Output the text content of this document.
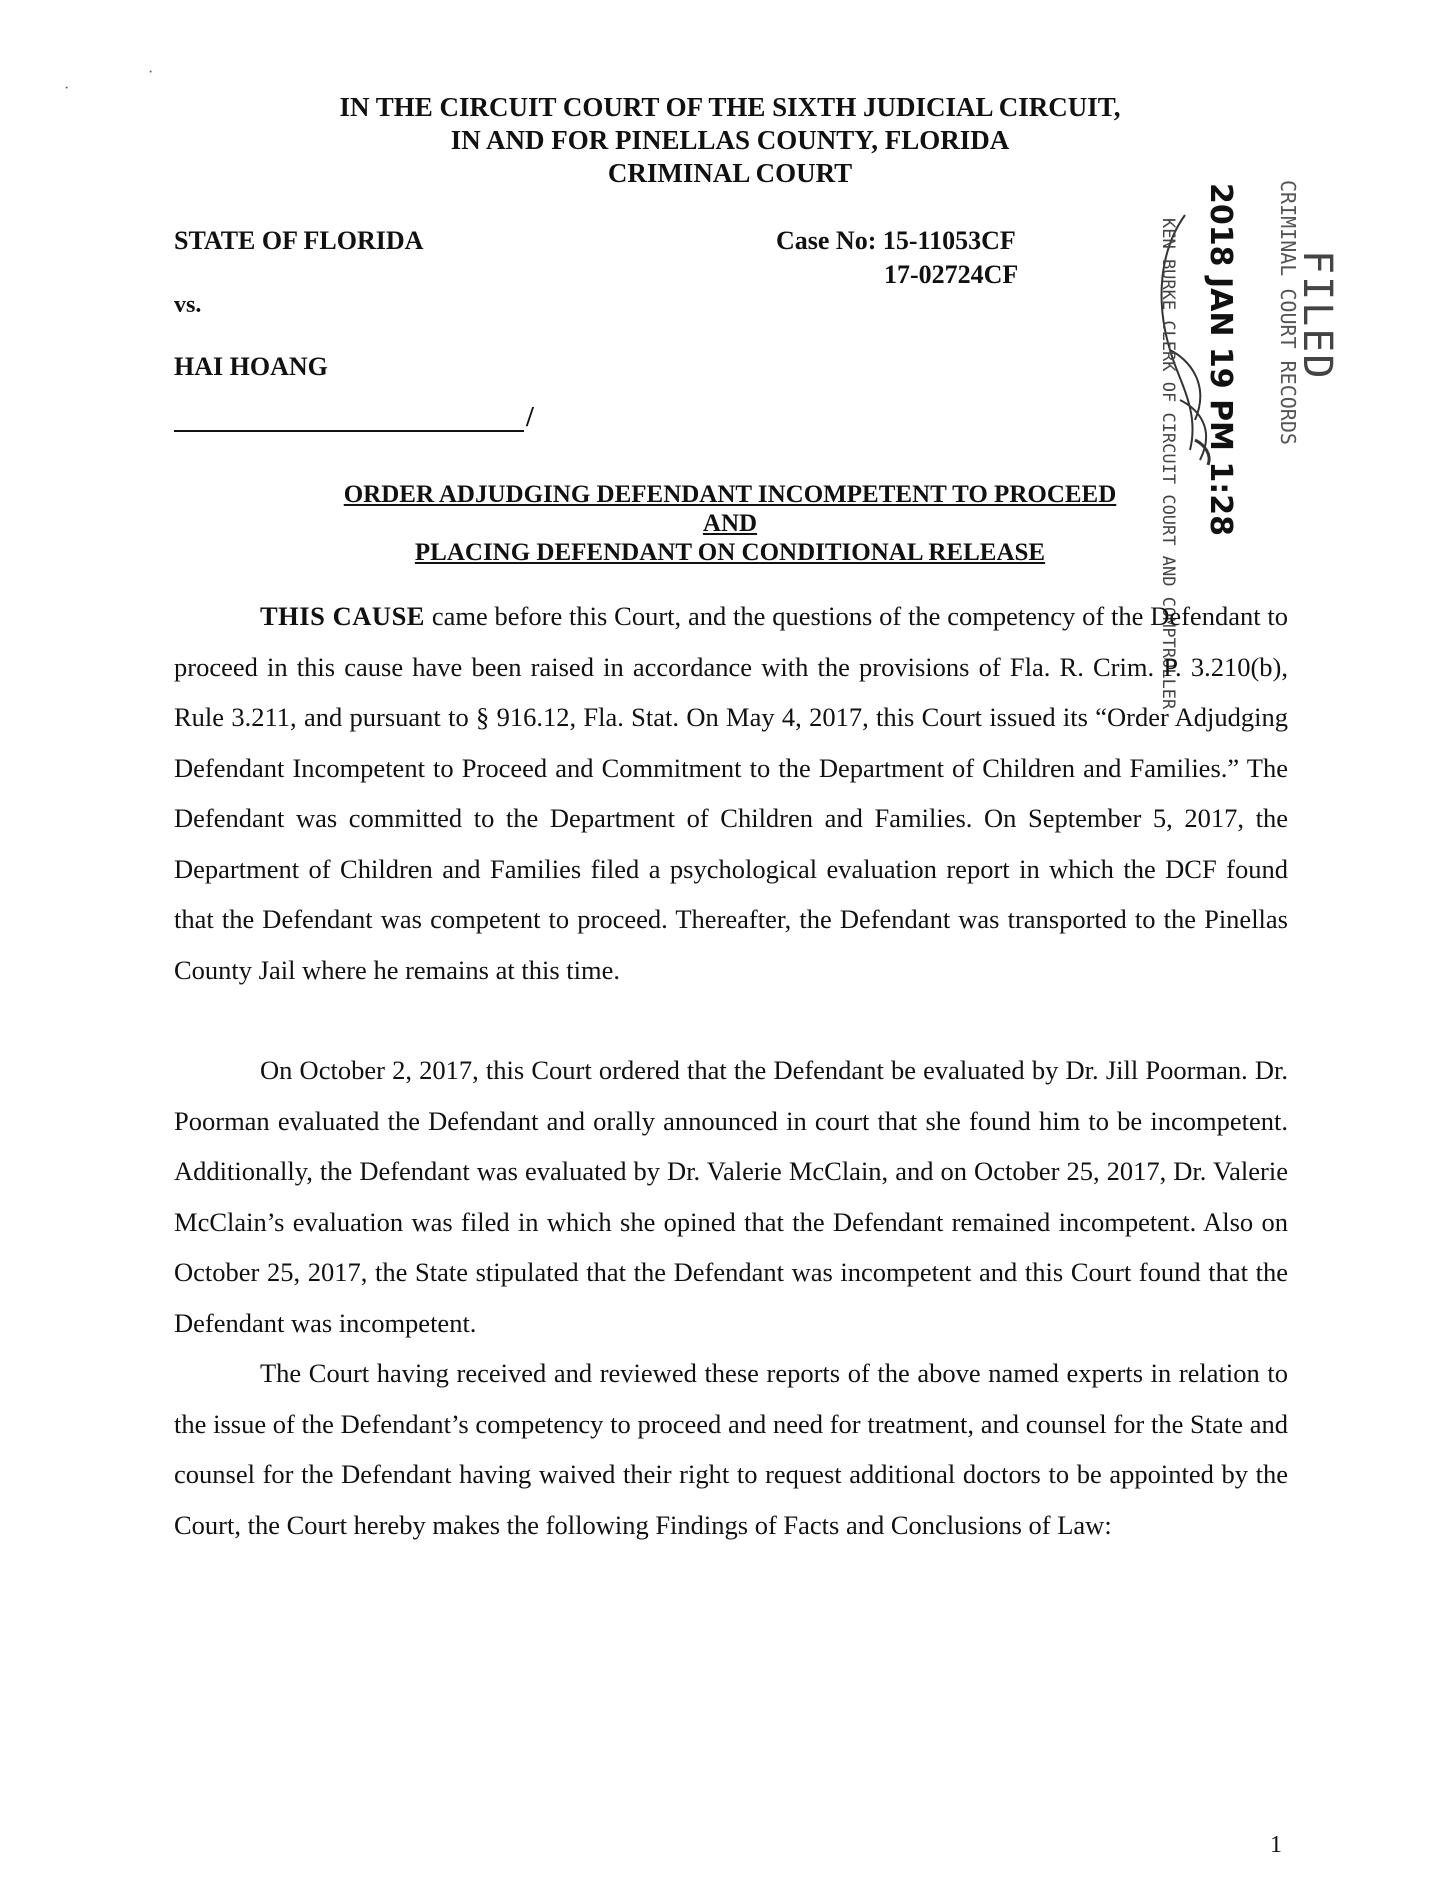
IN THE CIRCUIT COURT OF THE SIXTH JUDICIAL CIRCUIT,
IN AND FOR PINELLAS COUNTY, FLORIDA
CRIMINAL COURT
STATE OF FLORIDA
vs.
HAI HOANG
/
Case No: 15-11053CF
17-02724CF	KEN BURKE CLERK OF CIRCUIT COURT AND COMPTROLLER	CRIMINAL COURT RECORDS
FILED
2018 JAN 19 PM 1:28
ORDER ADJUDGING DEFENDANT INCOMPETENT TO PROCEED
AND
PLACING DEFENDANT ON CONDITIONAL RELEASE

THIS CAUSE came before this Court, and the questions of the competency of the Defendant to proceed in this cause have been raised in accordance with the provisions of Fla. R. Crim. P. 3.210(b), Rule 3.211, and pursuant to § 916.12, Fla. Stat. On May 4, 2017, this Court issued its “Order Adjudging Defendant Incompetent to Proceed and Commitment to the Department of Children and Families.” The Defendant was committed to the Department of Children and Families. On September 5, 2017, the Department of Children and Families filed a psychological evaluation report in which the DCF found that the Defendant was competent to proceed. Thereafter, the Defendant was transported to the Pinellas County Jail where he remains at this time.

On October 2, 2017, this Court ordered that the Defendant be evaluated by Dr. Jill Poorman. Dr. Poorman evaluated the Defendant and orally announced in court that she found him to be incompetent. Additionally, the Defendant was evaluated by Dr. Valerie McClain, and on October 25, 2017, Dr. Valerie McClain’s evaluation was filed in which she opined that the Defendant remained incompetent. Also on October 25, 2017, the State stipulated that the Defendant was incompetent and this Court found that the Defendant was incompetent.

The Court having received and reviewed these reports of the above named experts in relation to the issue of the Defendant’s competency to proceed and need for treatment, and counsel for the State and counsel for the Defendant having waived their right to request additional doctors to be appointed by the Court, the Court hereby makes the following Findings of Facts and Conclusions of Law:

1
·
·
